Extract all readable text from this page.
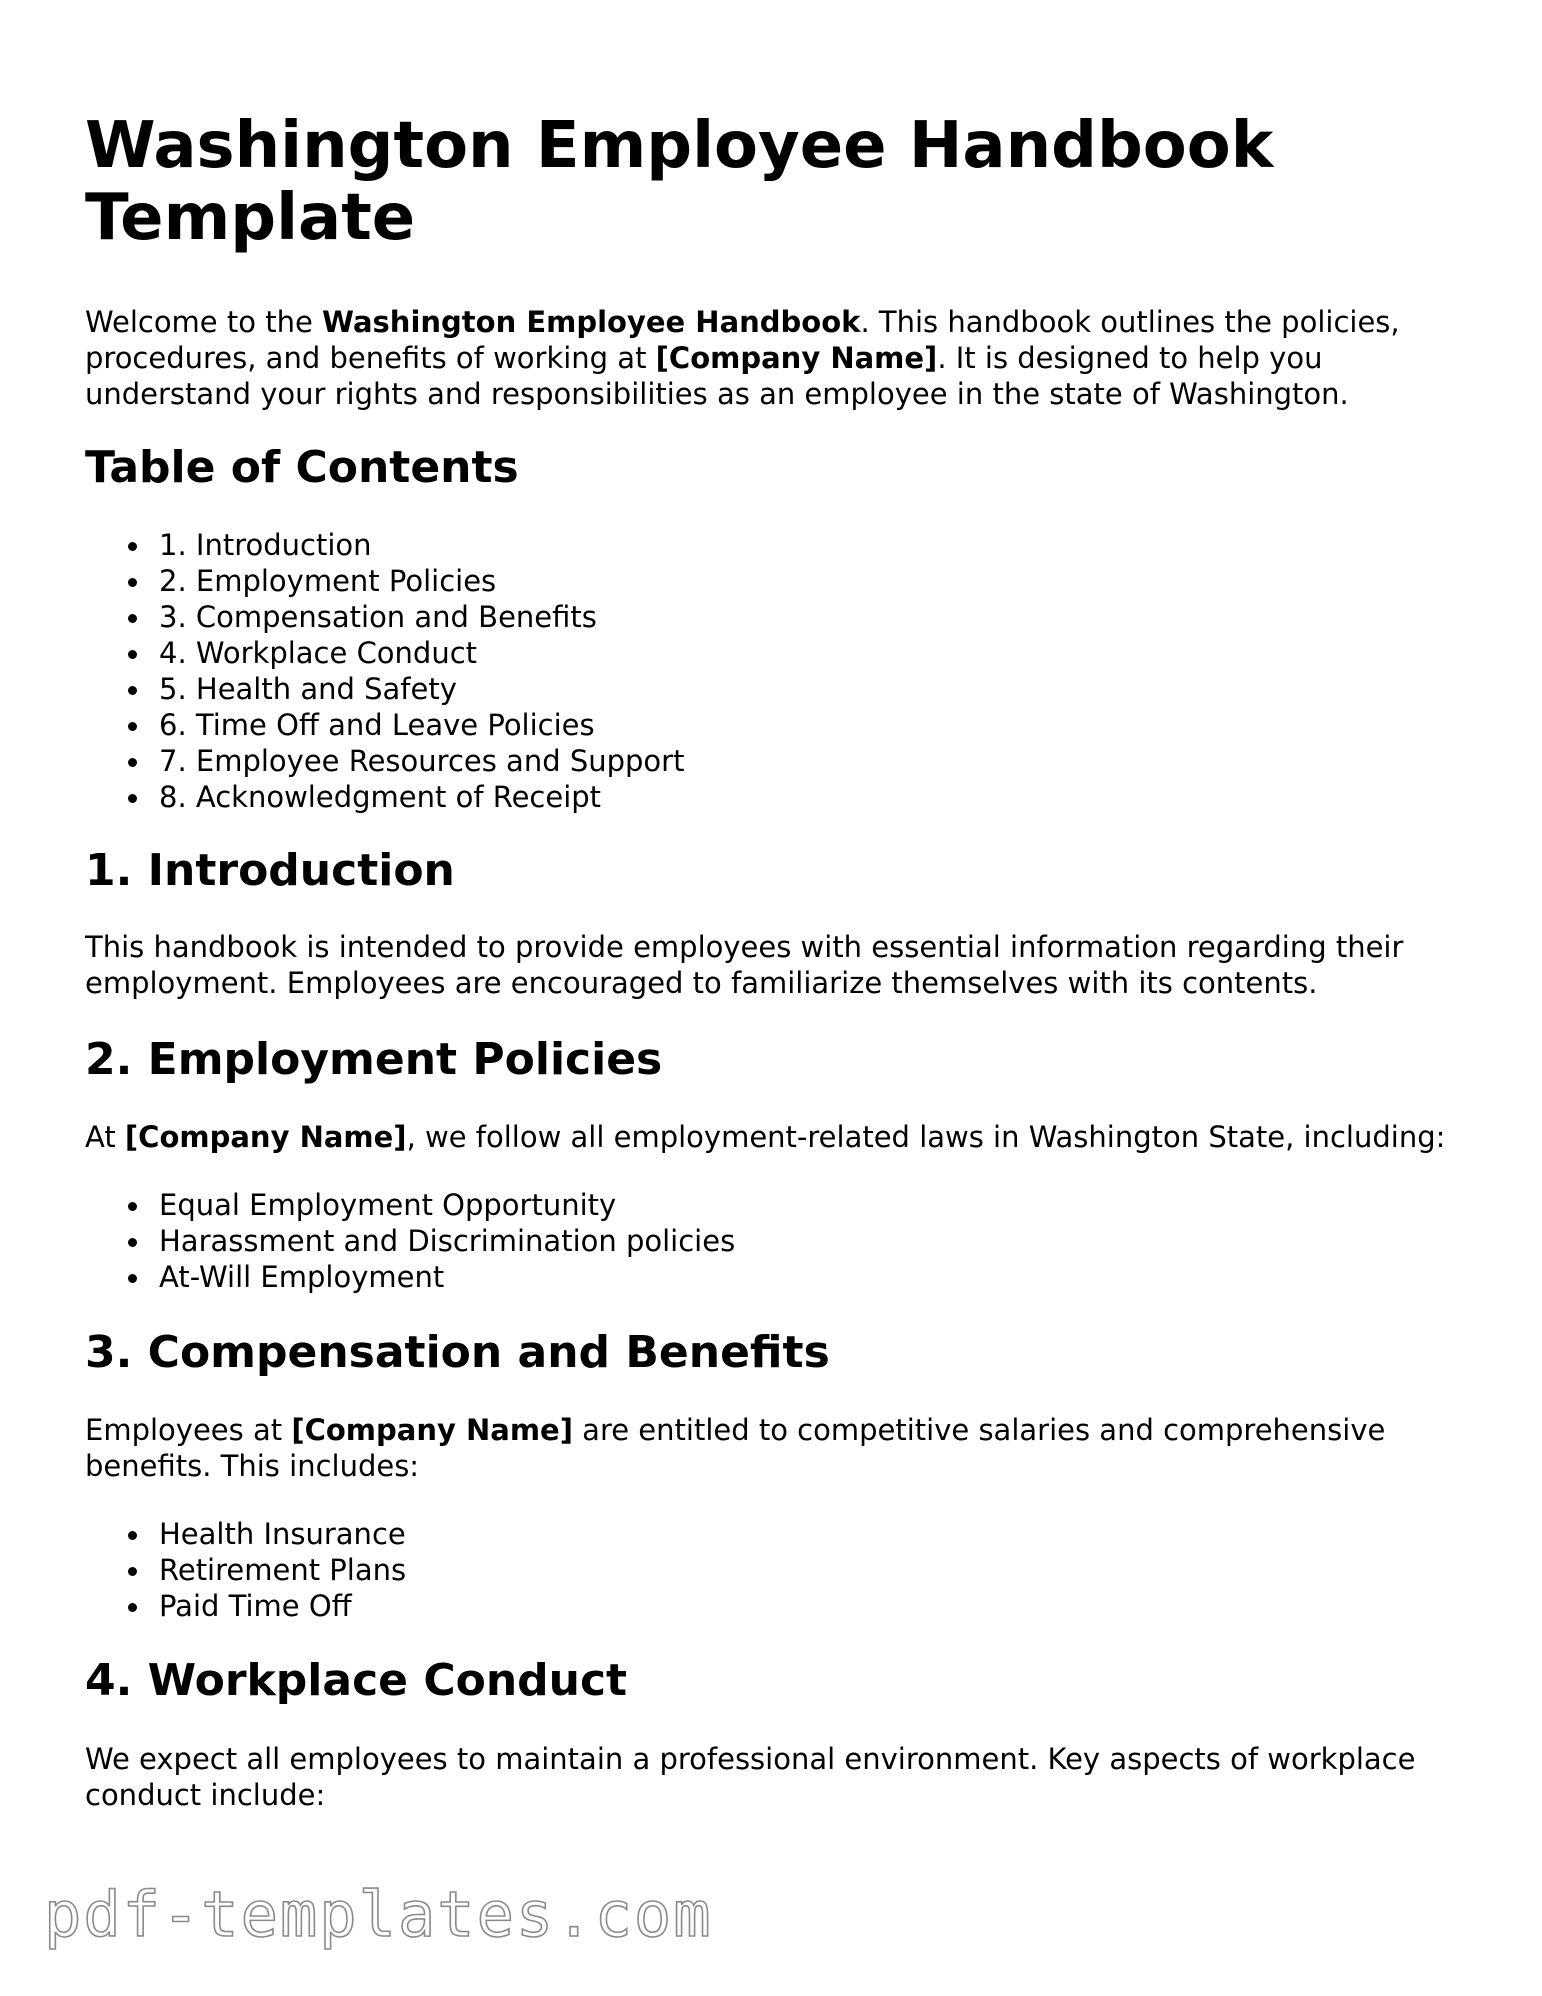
Washington Employee Handbook Template

Welcome to the Washington Employee Handbook. This handbook outlines the policies, procedures, and benefits of working at [Company Name]. It is designed to help you understand your rights and responsibilities as an employee in the state of Washington.

Table of Contents
1. Introduction
2. Employment Policies
3. Compensation and Benefits
4. Workplace Conduct
5. Health and Safety
6. Time Off and Leave Policies
7. Employee Resources and Support
8. Acknowledgment of Receipt
1. Introduction

This handbook is intended to provide employees with essential information regarding their employment. Employees are encouraged to familiarize themselves with its contents.

2. Employment Policies

At [Company Name], we follow all employment-related laws in Washington State, including:

Equal Employment Opportunity
Harassment and Discrimination policies
At-Will Employment
3. Compensation and Benefits

Employees at [Company Name] are entitled to competitive salaries and comprehensive benefits. This includes:

Health Insurance
Retirement Plans
Paid Time Off
4. Workplace Conduct

We expect all employees to maintain a professional environment. Key aspects of workplace conduct include:

pdf-templates.com
